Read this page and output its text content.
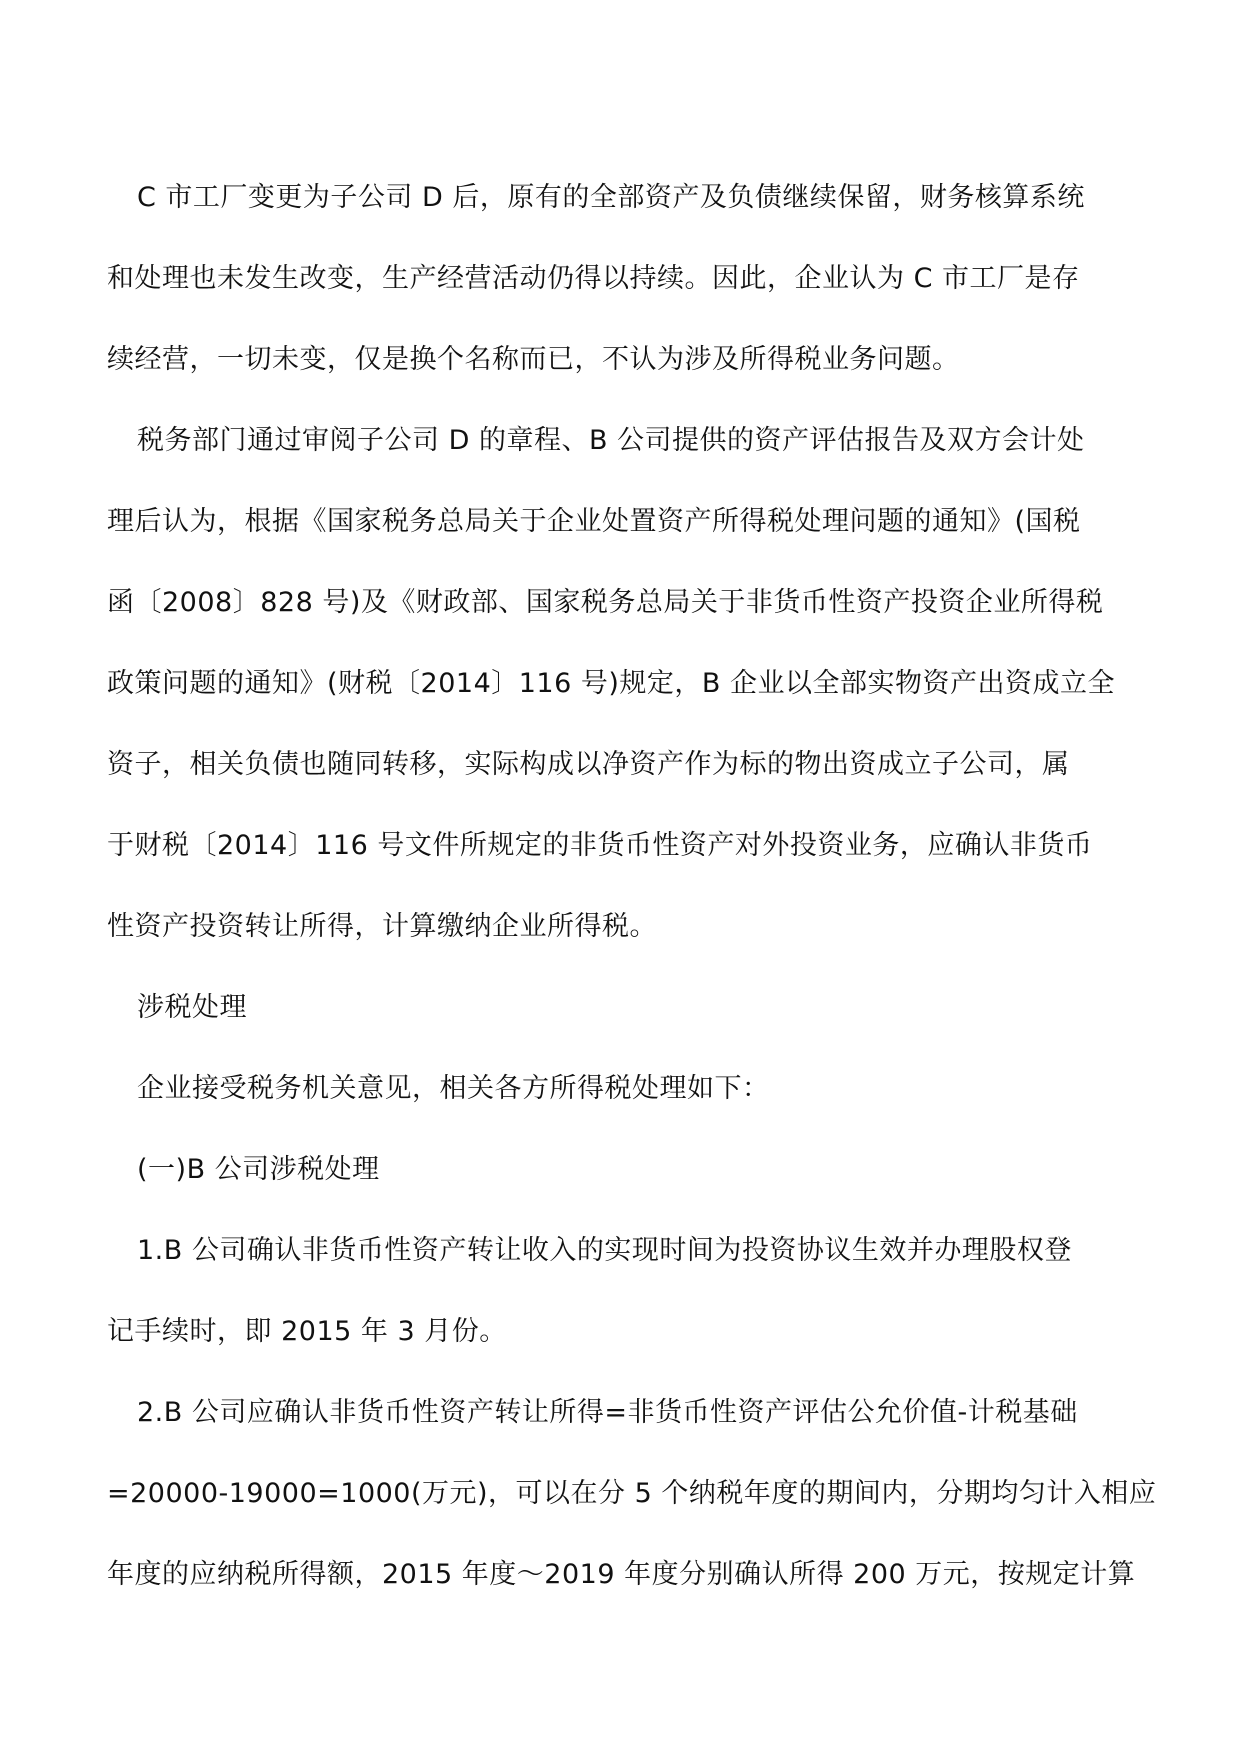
C 市工厂变更为子公司 D 后，原有的全部资产及负债继续保留，财务核算系统
和处理也未发生改变，生产经营活动仍得以持续。因此，企业认为 C 市工厂是存
续经营，一切未变，仅是换个名称而已，不认为涉及所得税业务问题。

税务部门通过审阅子公司 D 的章程、B 公司提供的资产评估报告及双方会计处
理后认为，根据《国家税务总局关于企业处置资产所得税处理问题的通知》(国税
函〔2008〕828 号)及《财政部、国家税务总局关于非货币性资产投资企业所得税
政策问题的通知》(财税〔2014〕116 号)规定，B 企业以全部实物资产出资成立全
资子，相关负债也随同转移，实际构成以净资产作为标的物出资成立子公司，属
于财税〔2014〕116 号文件所规定的非货币性资产对外投资业务，应确认非货币
性资产投资转让所得，计算缴纳企业所得税。

涉税处理

企业接受税务机关意见，相关各方所得税处理如下：

(一)B 公司涉税处理

1.B 公司确认非货币性资产转让收入的实现时间为投资协议生效并办理股权登
记手续时，即 2015 年 3 月份。

2.B 公司应确认非货币性资产转让所得=非货币性资产评估公允价值-计税基础
=20000-19000=1000(万元)，可以在分 5 个纳税年度的期间内，分期均匀计入相应
年度的应纳税所得额，2015 年度～2019 年度分别确认所得 200 万元，按规定计算
